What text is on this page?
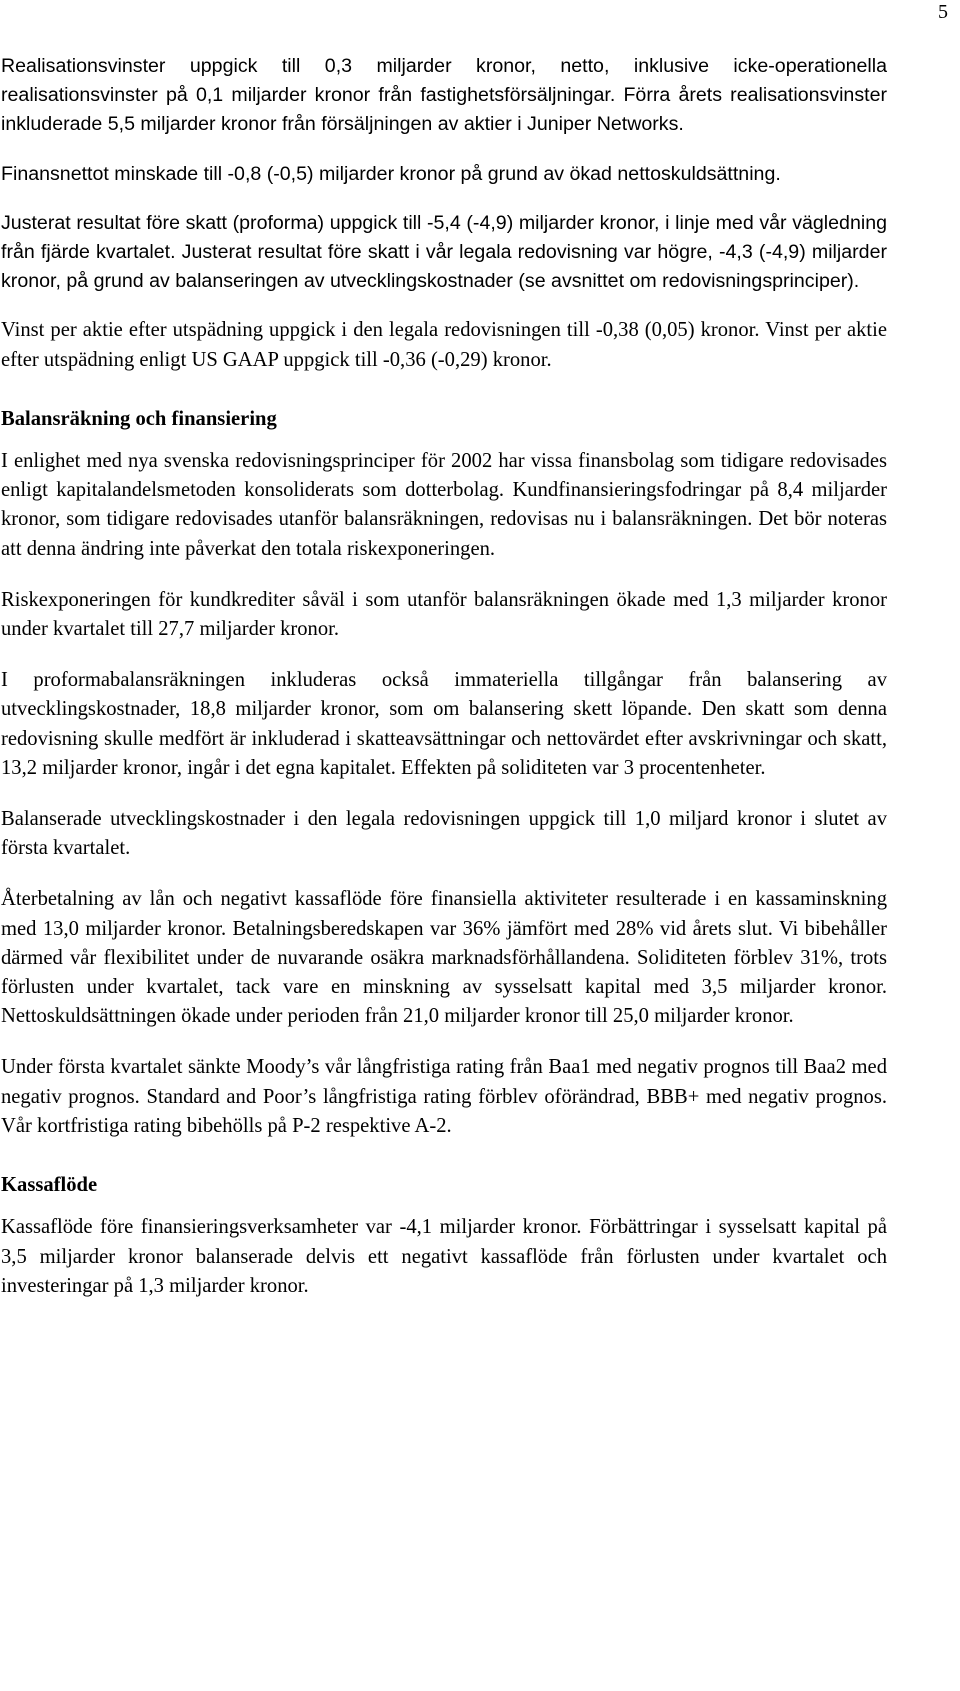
5

Realisationsvinster uppgick till 0,3 miljarder kronor, netto, inklusive icke-operationella realisationsvinster på 0,1 miljarder kronor från fastighetsförsäljningar. Förra årets realisationsvinster inkluderade 5,5 miljarder kronor från försäljningen av aktier i Juniper Networks.

Finansnettot minskade till -0,8 (-0,5) miljarder kronor på grund av ökad nettoskuldsättning.

Justerat resultat före skatt (proforma) uppgick till -5,4 (-4,9) miljarder kronor, i linje med vår vägledning från fjärde kvartalet. Justerat resultat före skatt i vår legala redovisning var högre, -4,3 (-4,9) miljarder kronor, på grund av balanseringen av utvecklingskostnader (se avsnittet om redovisningsprinciper).

Vinst per aktie efter utspädning uppgick i den legala redovisningen till -0,38 (0,05) kronor. Vinst per aktie efter utspädning enligt US GAAP uppgick till -0,36 (-0,29) kronor.

Balansräkning och finansiering

I enlighet med nya svenska redovisningsprinciper för 2002 har vissa finansbolag som tidigare redovisades enligt kapitalandelsmetoden konsoliderats som dotterbolag. Kundfinansieringsfodringar på 8,4 miljarder kronor, som tidigare redovisades utanför balansräkningen, redovisas nu i balansräkningen. Det bör noteras att denna ändring inte påverkat den totala riskexponeringen.

Riskexponeringen för kundkrediter såväl i som utanför balansräkningen ökade med 1,3 miljarder kronor under kvartalet till 27,7 miljarder kronor.

I proformabalansräkningen inkluderas också immateriella tillgångar från balansering av utvecklingskostnader, 18,8 miljarder kronor, som om balansering skett löpande. Den skatt som denna redovisning skulle medfört är inkluderad i skatteavsättningar och nettovärdet efter avskrivningar och skatt, 13,2 miljarder kronor, ingår i det egna kapitalet. Effekten på soliditeten var 3 procentenheter.

Balanserade utvecklingskostnader i den legala redovisningen uppgick till 1,0 miljard kronor i slutet av första kvartalet.

Återbetalning av lån och negativt kassaflöde före finansiella aktiviteter resulterade i en kassaminskning med 13,0 miljarder kronor. Betalningsberedskapen var 36% jämfört med 28% vid årets slut. Vi bibehåller därmed vår flexibilitet under de nuvarande osäkra marknadsförhållandena. Soliditeten förblev 31%, trots förlusten under kvartalet, tack vare en minskning av sysselsatt kapital med 3,5 miljarder kronor. Nettoskuldsättningen ökade under perioden från 21,0 miljarder kronor till 25,0 miljarder kronor.

Under första kvartalet sänkte Moody’s vår långfristiga rating från Baa1 med negativ prognos till Baa2 med negativ prognos. Standard and Poor’s långfristiga rating förblev oförändrad, BBB+ med negativ prognos. Vår kortfristiga rating bibehölls på P-2 respektive A-2.

Kassaflöde

Kassaflöde före finansieringsverksamheter var -4,1 miljarder kronor. Förbättringar i sysselsatt kapital på 3,5 miljarder kronor balanserade delvis ett negativt kassaflöde från förlusten under kvartalet och investeringar på 1,3 miljarder kronor.
